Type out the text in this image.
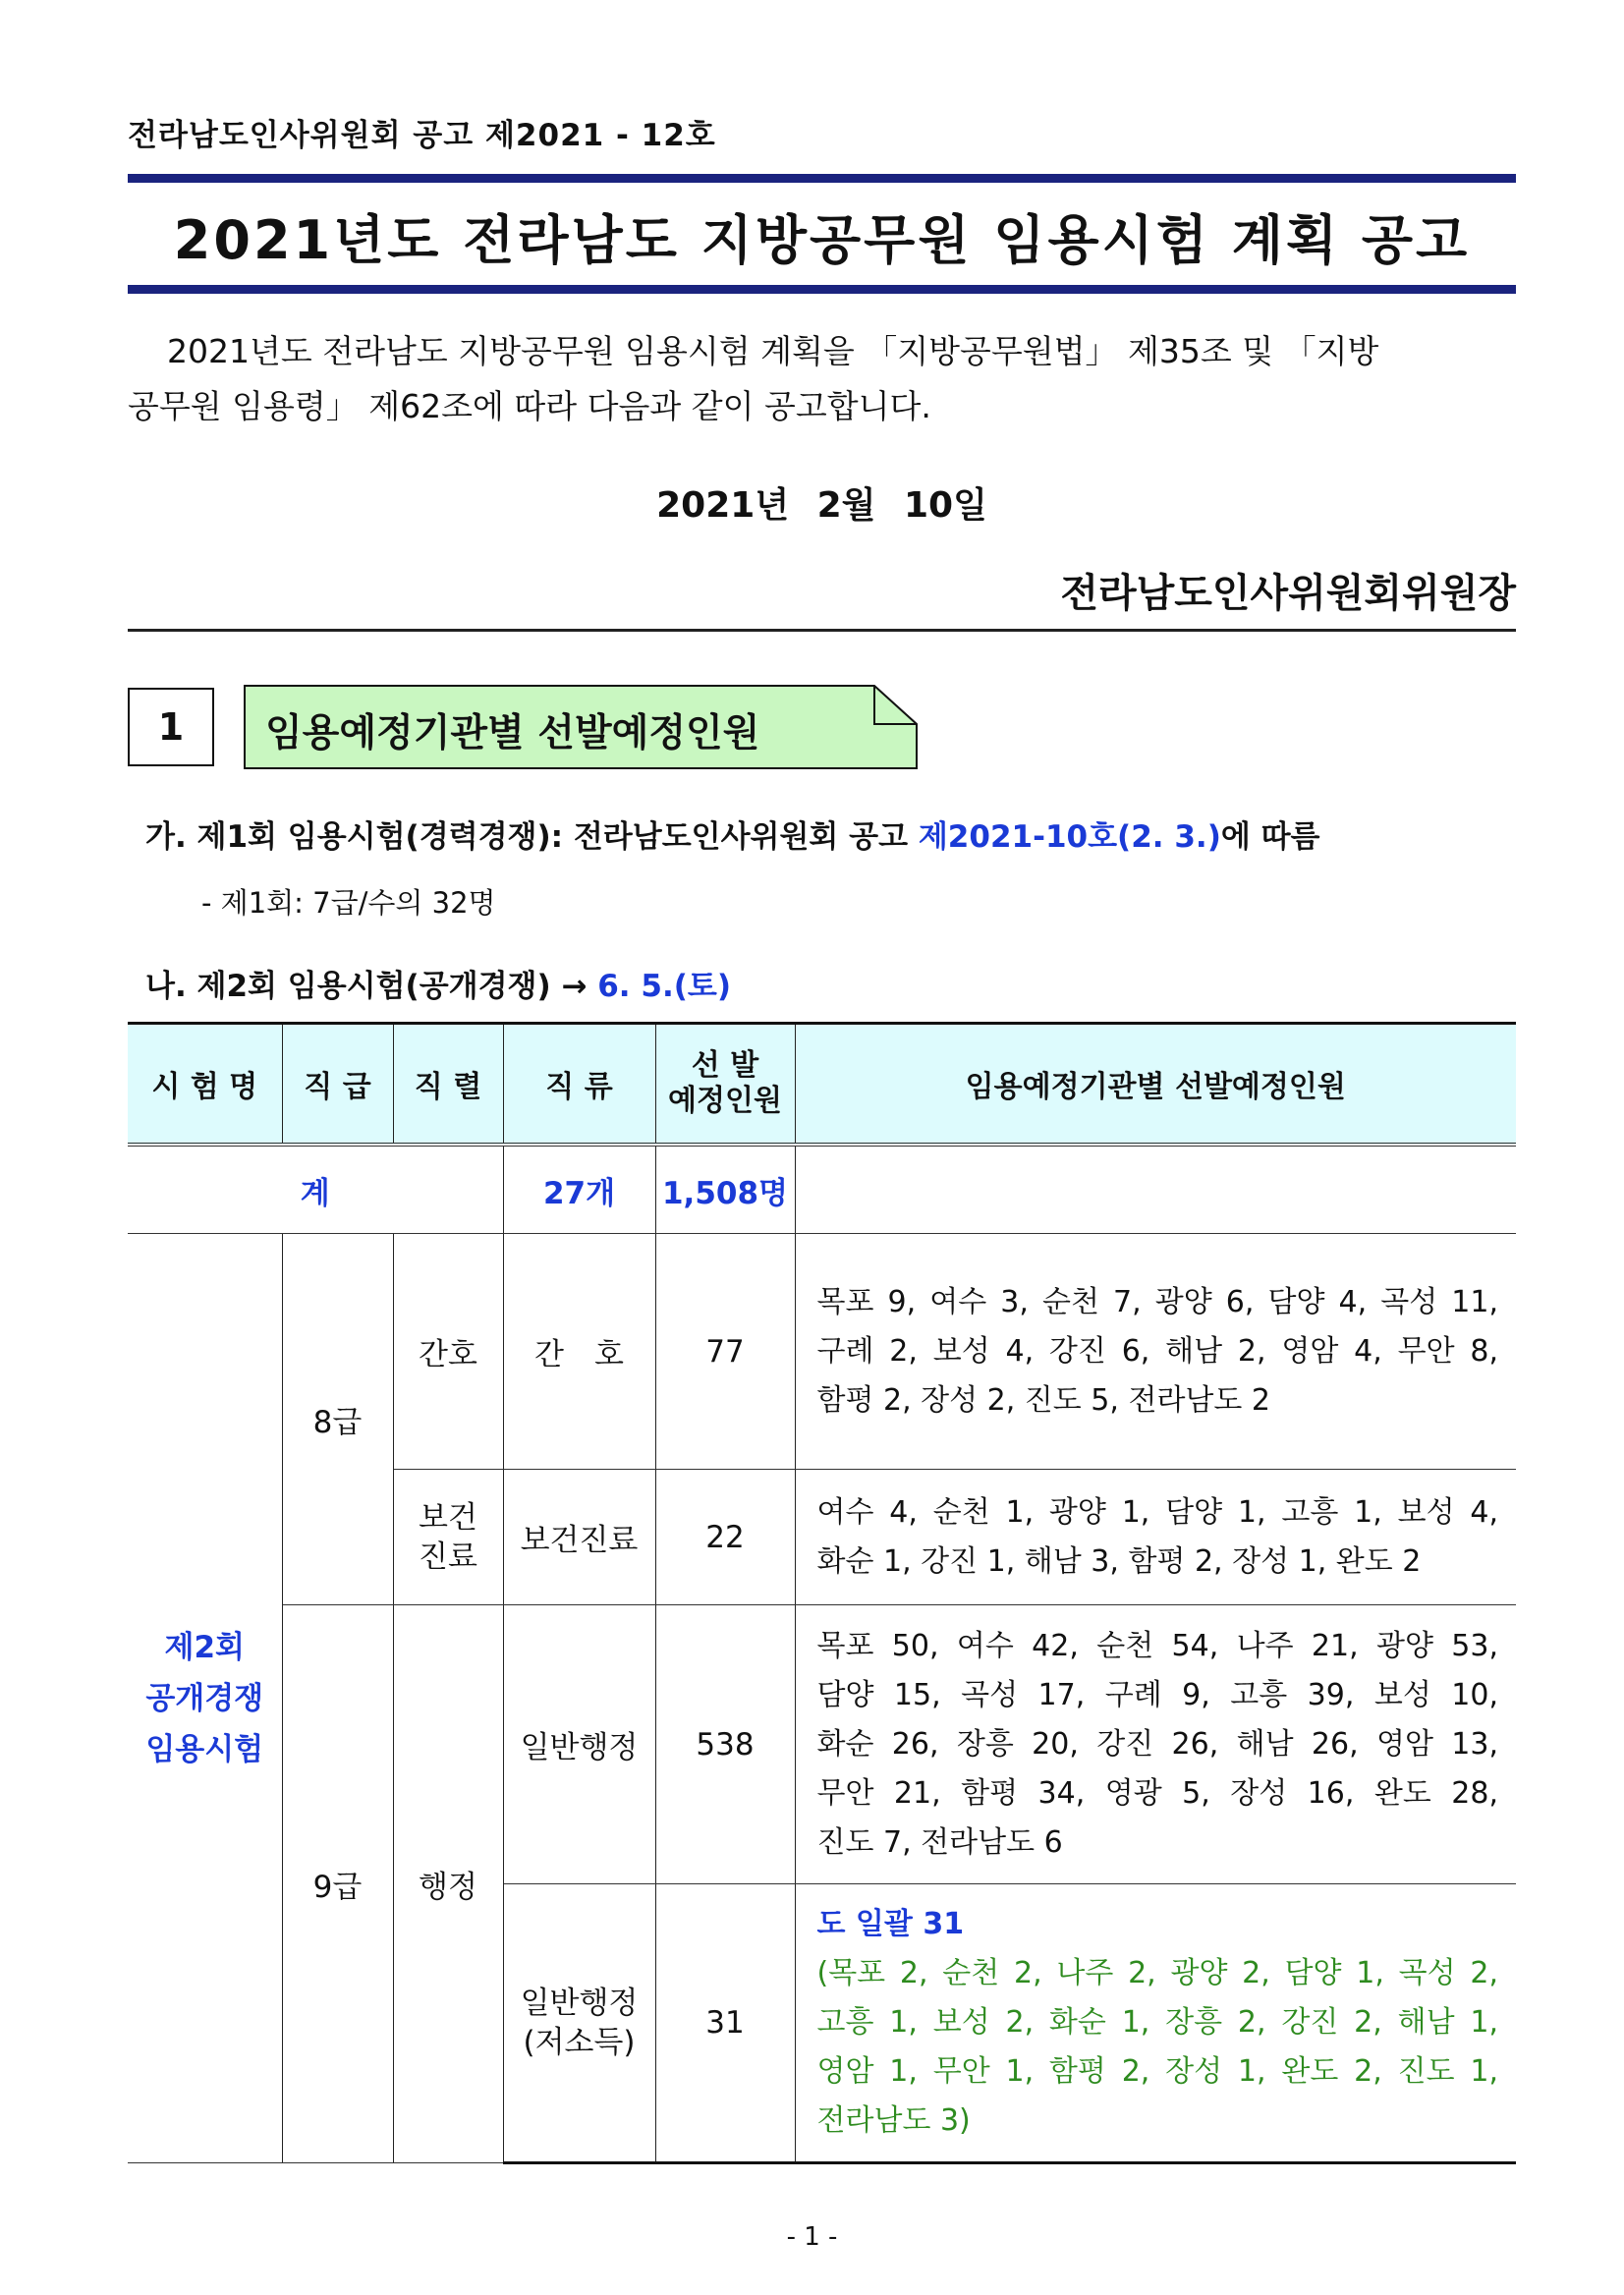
전라남도인사위원회 공고 제2021 - 12호
2021년도 전라남도 지방공무원 임용시험 계획 공고
2021년도 전라남도 지방공무원 임용시험 계획을 「지방공무원법」 제35조 및 「지방
공무원 임용령」 제62조에 따라 다음과 같이 공고합니다.
2021년 2월 10일
전라남도인사위원회위원장
1	임용예정기관별 선발예정인원
가. 제1회 임용시험(경력경쟁): 전라남도인사위원회 공고 제2021-10호(2. 3.)에 따름
- 제1회: 7급/수의 32명
나. 제2회 임용시험(공개경쟁) → 6. 5.(토)
시 험 명	직 급	직 렬	직 류	선 발
예정인원	임용예정기관별 선발예정인원
계			27개	1,508명	
제2회
공개경쟁
임용시험	8급	간호	간　호	77	목포 9, 여수 3, 순천 7, 광양 6, 담양 4, 곡성 11,
구례 2, 보성 4, 강진 6, 해남 2, 영암 4, 무안 8,
함평 2, 장성 2, 진도 5, 전라남도 2

		보건
진료	보건진료	22	여수 4, 순천 1, 광양 1, 담양 1, 고흥 1, 보성 4,
화순 1, 강진 1, 해남 3, 함평 2, 장성 1, 완도 2

	9급	행정	일반행정	538	목포 50, 여수 42, 순천 54, 나주 21, 광양 53,
담양 15, 곡성 17, 구례 9, 고흥 39, 보성 10,
화순 26, 장흥 20, 강진 26, 해남 26, 영암 13,
무안 21, 함평 34, 영광 5, 장성 16, 완도 28,
진도 7, 전라남도 6

			일반행정
(저소득)	31	도 일괄 31
(목포 2, 순천 2, 나주 2, 광양 2, 담양 1, 곡성 2,
고흥 1, 보성 2, 화순 1, 장흥 2, 강진 2, 해남 1,
영암 1, 무안 1, 함평 2, 장성 1, 완도 2, 진도 1,
전라남도 3)
- 1 -
